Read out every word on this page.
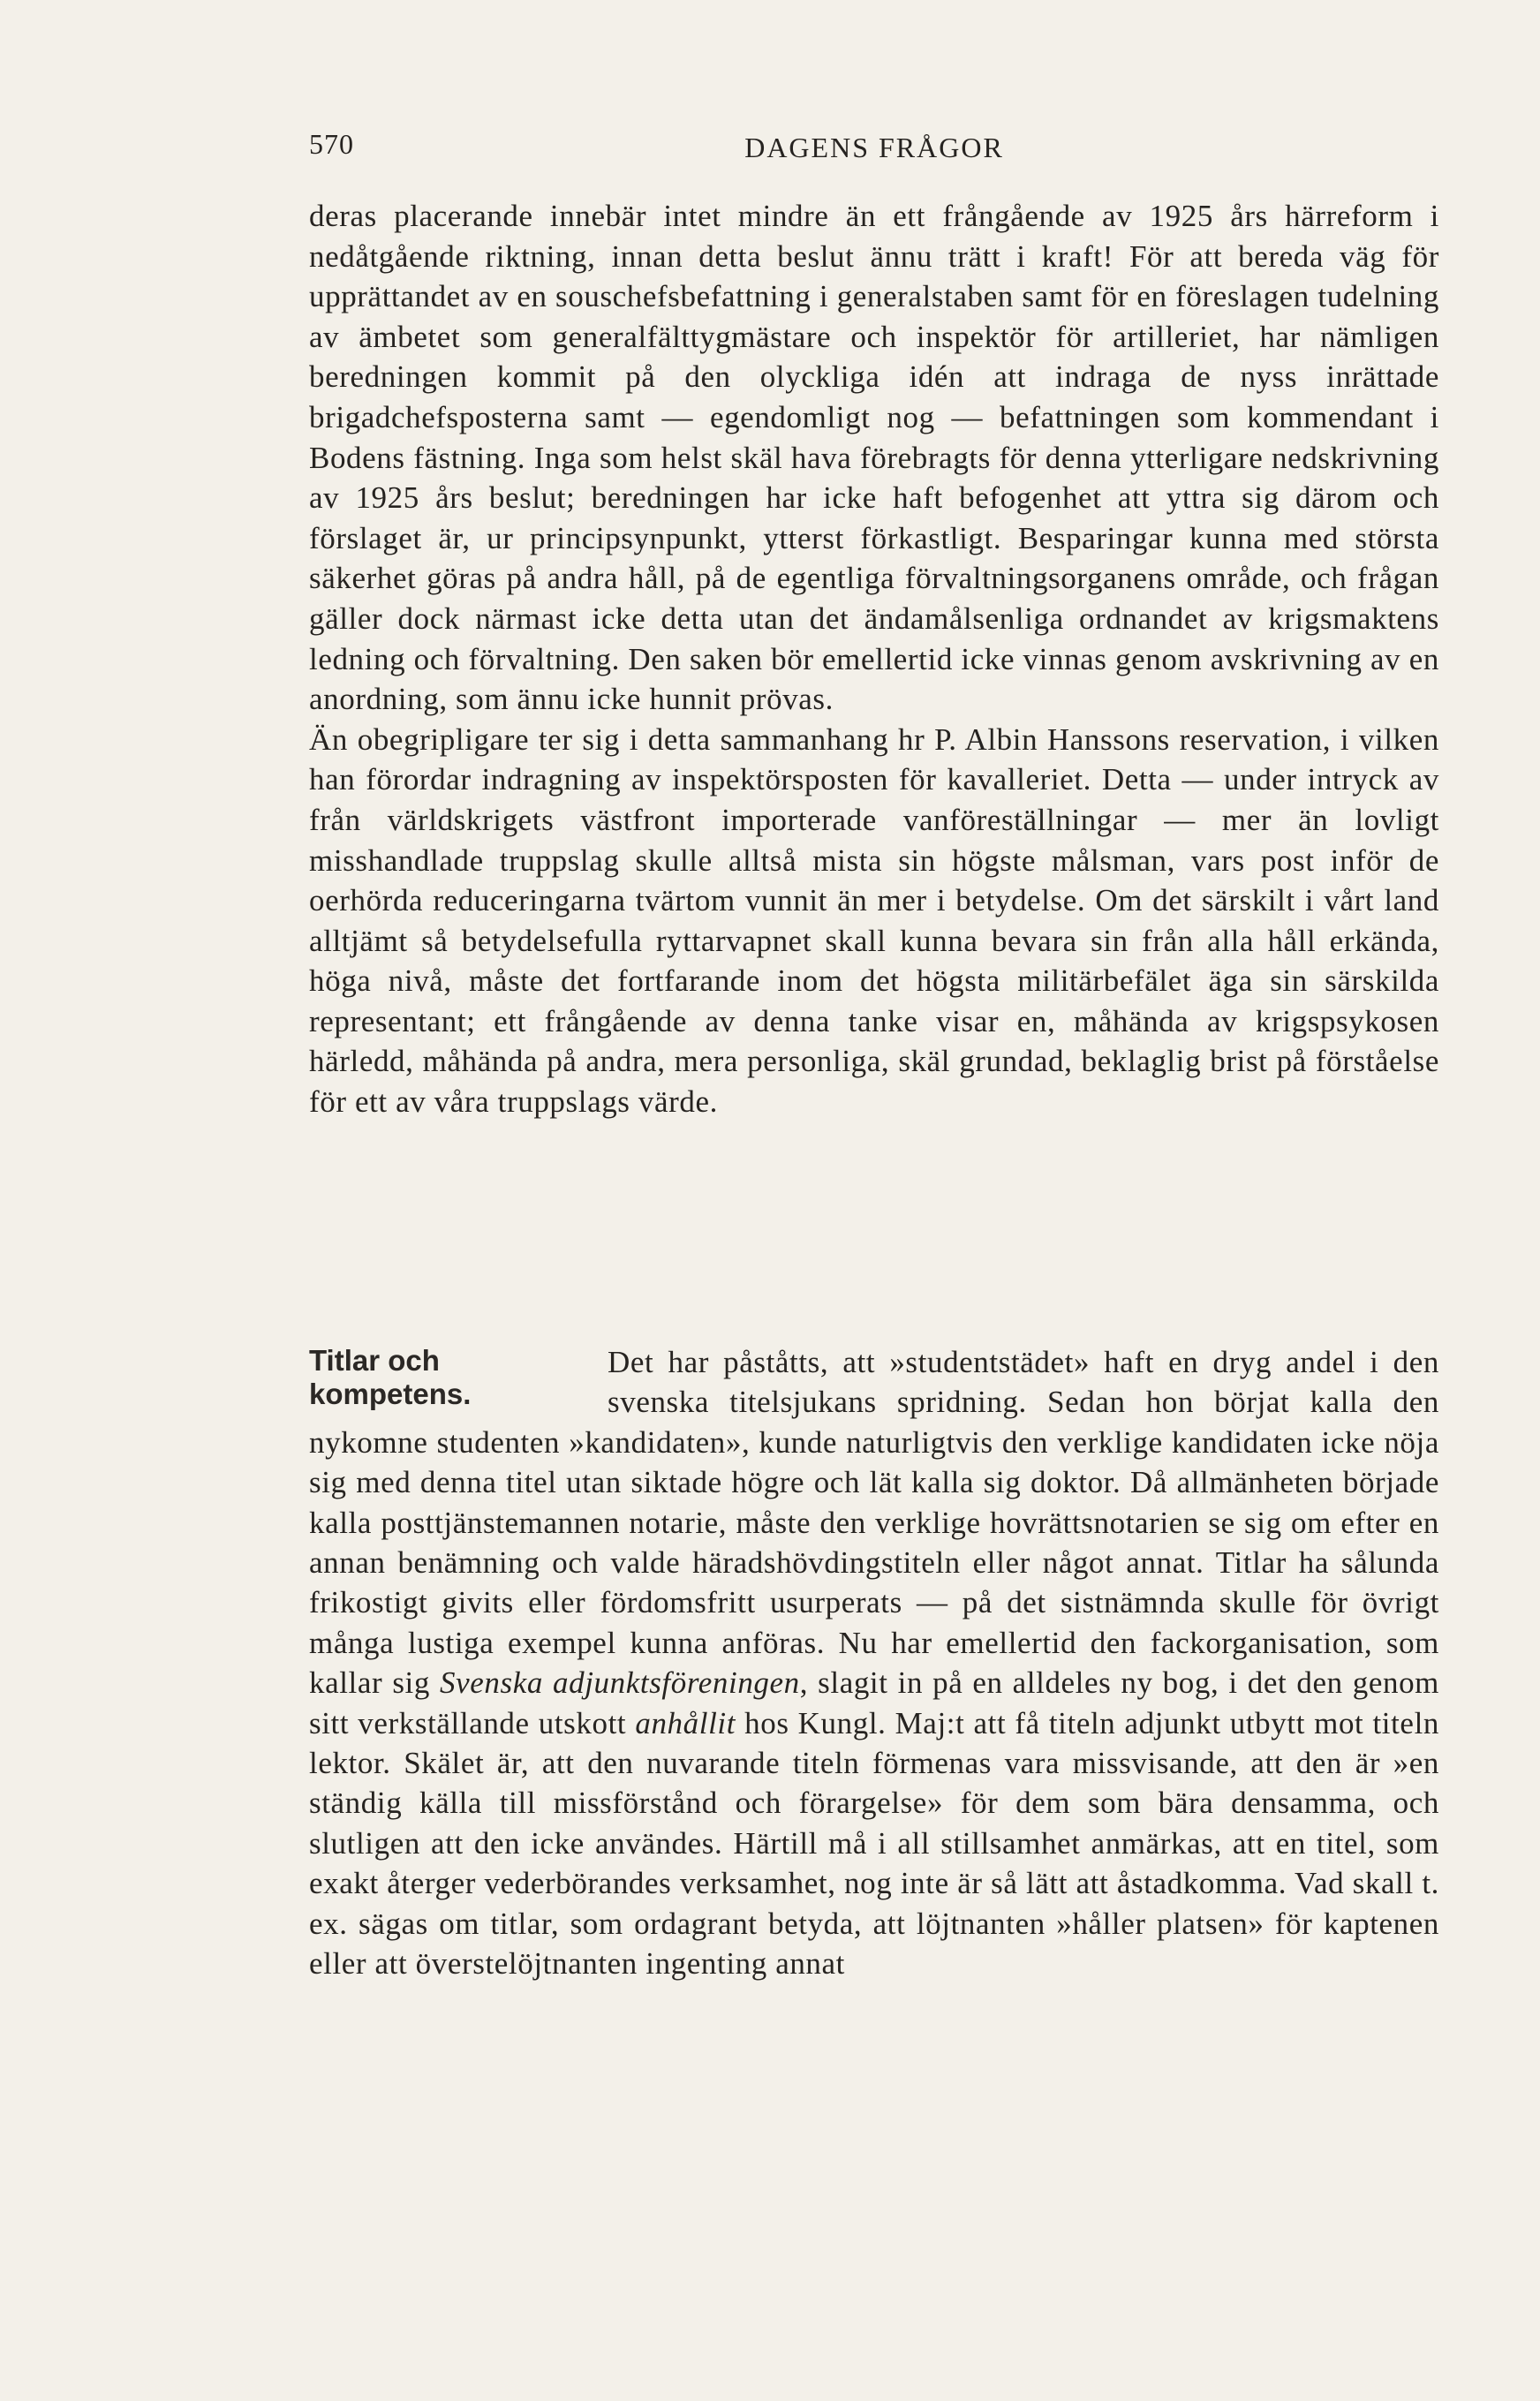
570	DAGENS FRÅGOR

deras placerande innebär intet mindre än ett frångående av 1925 års härreform i nedåtgående riktning, innan detta beslut ännu trätt i kraft! För att bereda väg för upprättandet av en souschefsbefattning i generalstaben samt för en föreslagen tudelning av ämbetet som generalfälttygmästare och inspektör för artilleriet, har nämligen beredningen kommit på den olyckliga idén att indraga de nyss inrättade brigadchefsposterna samt — egendomligt nog — befattningen som kommendant i Bodens fästning. Inga som helst skäl hava förebragts för denna ytterligare nedskrivning av 1925 års beslut; beredningen har icke haft befogenhet att yttra sig därom och förslaget är, ur principsynpunkt, ytterst förkastligt. Besparingar kunna med största säkerhet göras på andra håll, på de egentliga förvaltningsorganens område, och frågan gäller dock närmast icke detta utan det ändamålsenliga ordnandet av krigsmaktens ledning och förvaltning. Den saken bör emellertid icke vinnas genom avskrivning av en anordning, som ännu icke hunnit prövas.

Än obegripligare ter sig i detta sammanhang hr P. Albin Hanssons reservation, i vilken han förordar indragning av inspektörsposten för kavalleriet. Detta — under intryck av från världskrigets västfront importerade vanföreställningar — mer än lovligt misshandlade truppslag skulle alltså mista sin högste målsman, vars post inför de oerhörda reduceringarna tvärtom vunnit än mer i betydelse. Om det särskilt i vårt land alltjämt så betydelsefulla ryttarvapnet skall kunna bevara sin från alla håll erkända, höga nivå, måste det fortfarande inom det högsta militärbefälet äga sin särskilda representant; ett frångående av denna tanke visar en, måhända av krigspsykosen härledd, måhända på andra, mera personliga, skäl grundad, beklaglig brist på förståelse för ett av våra truppslags värde.

Titlar och kompetens.

Det har påståtts, att »studentstädet» haft en dryg andel i den svenska titelsjukans spridning. Sedan hon börjat kalla den nykomne studenten »kandidaten», kunde naturligtvis den verklige kandidaten icke nöja sig med denna titel utan siktade högre och lät kalla sig doktor. Då allmänheten började kalla posttjänstemannen notarie, måste den verklige hovrättsnotarien se sig om efter en annan benämning och valde häradshövdingstiteln eller något annat. Titlar ha sålunda frikostigt givits eller fördomsfritt usurperats — på det sistnämnda skulle för övrigt många lustiga exempel kunna anföras. Nu har emellertid den fackorganisation, som kallar sig Svenska adjunktsföreningen, slagit in på en alldeles ny bog, i det den genom sitt verkställande utskott anhållit hos Kungl. Maj:t att få titeln adjunkt utbytt mot titeln lektor. Skälet är, att den nuvarande titeln förmenas vara missvisande, att den är »en ständig källa till missförstånd och förargelse» för dem som bära densamma, och slutligen att den icke användes. Härtill må i all stillsamhet anmärkas, att en titel, som exakt återger vederbörandes verksamhet, nog inte är så lätt att åstadkomma. Vad skall t. ex. sägas om titlar, som ordagrant betyda, att löjtnanten »håller platsen» för kaptenen eller att överstelöjtnanten ingenting annat
